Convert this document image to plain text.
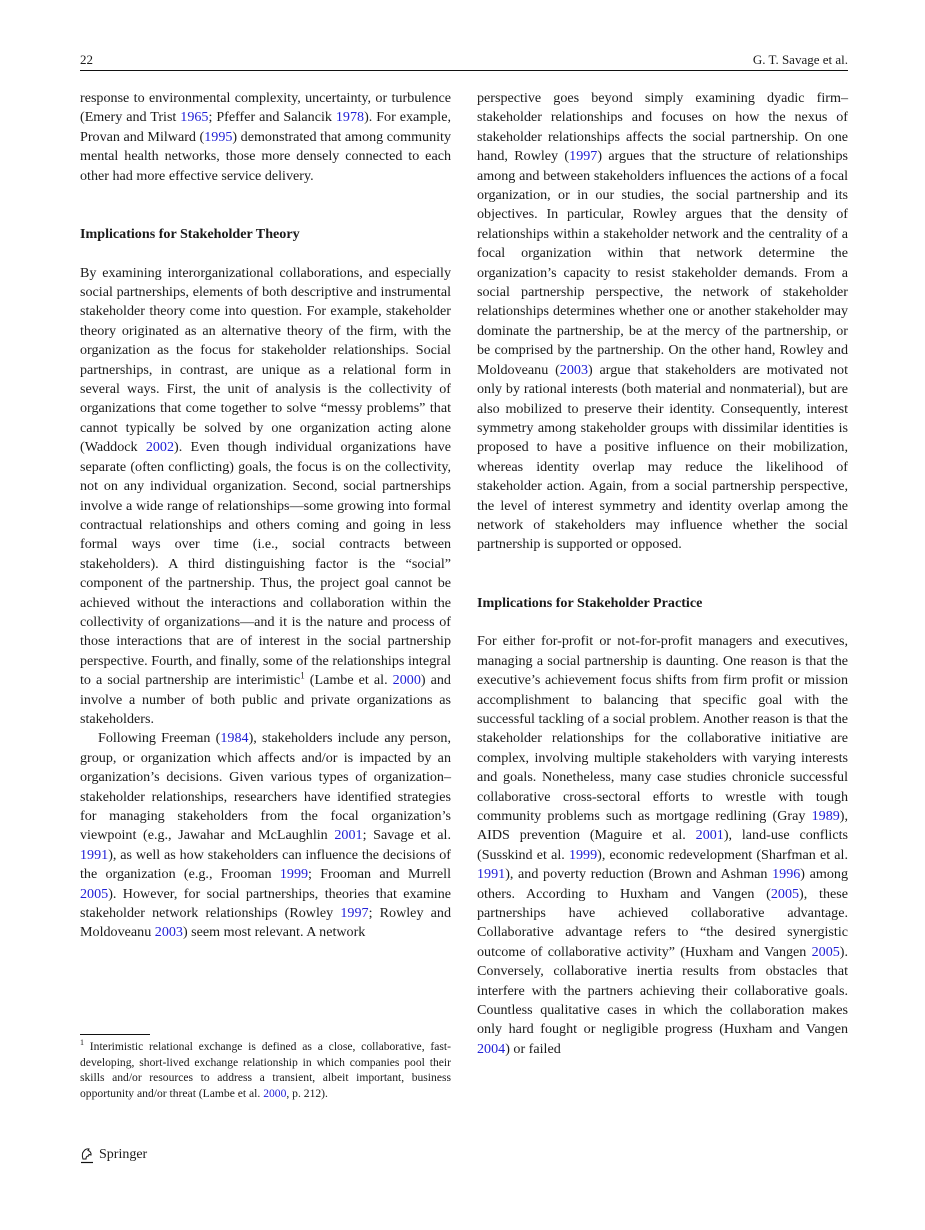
22	G. T. Savage et al.

response to environmental complexity, uncertainty, or turbulence (Emery and Trist 1965; Pfeffer and Salancik 1978). For example, Provan and Milward (1995) demonstrated that among community mental health networks, those more densely connected to each other had more effective service delivery.

Implications for Stakeholder Theory

By examining interorganizational collaborations, and especially social partnerships, elements of both descriptive and instrumental stakeholder theory come into question. For example, stakeholder theory originated as an alternative theory of the firm, with the organization as the focus for stakeholder relationships. Social partnerships, in contrast, are unique as a relational form in several ways. First, the unit of analysis is the collectivity of organizations that come together to solve “messy problems” that cannot typically be solved by one organization acting alone (Waddock 2002). Even though individual organizations have separate (often conflicting) goals, the focus is on the collectivity, not on any individual organization. Second, social partnerships involve a wide range of relationships—some growing into formal contractual relationships and others coming and going in less formal ways over time (i.e., social contracts between stakeholders). A third distinguishing factor is the “social” component of the partnership. Thus, the project goal cannot be achieved without the interactions and collaboration within the collectivity of organizations—and it is the nature and process of those interactions that are of interest in the social partnership perspective. Fourth, and finally, some of the relationships integral to a social partnership are interimistic$^1$ (Lambe et al. 2000) and involve a number of both public and private organizations as stakeholders.

Following Freeman (1984), stakeholders include any person, group, or organization which affects and/or is impacted by an organization’s decisions. Given various types of organization–stakeholder relationships, researchers have identified strategies for managing stakeholders from the focal organization’s viewpoint (e.g., Jawahar and McLaughlin 2001; Savage et al. 1991), as well as how stakeholders can influence the decisions of the organization (e.g., Frooman 1999; Frooman and Murrell 2005). However, for social partnerships, theories that examine stakeholder network relationships (Rowley 1997; Rowley and Moldoveanu 2003) seem most relevant. A network

$^1$ Interimistic relational exchange is defined as a close, collaborative, fast-developing, short-lived exchange relationship in which companies pool their skills and/or resources to address a transient, albeit important, business opportunity and/or threat (Lambe et al. 2000, p. 212).

perspective goes beyond simply examining dyadic firm–stakeholder relationships and focuses on how the nexus of stakeholder relationships affects the social partnership. On one hand, Rowley (1997) argues that the structure of relationships among and between stakeholders influences the actions of a focal organization, or in our studies, the social partnership and its objectives. In particular, Rowley argues that the density of relationships within a stakeholder network and the centrality of a focal organization within that network determine the organization’s capacity to resist stakeholder demands. From a social partnership perspective, the network of stakeholder relationships determines whether one or another stakeholder may dominate the partnership, be at the mercy of the partnership, or be comprised by the partnership. On the other hand, Rowley and Moldoveanu (2003) argue that stakeholders are motivated not only by rational interests (both material and nonmaterial), but are also mobilized to preserve their identity. Consequently, interest symmetry among stakeholder groups with dissimilar identities is proposed to have a positive influence on their mobilization, whereas identity overlap may reduce the likelihood of stakeholder action. Again, from a social partnership perspective, the level of interest symmetry and identity overlap among the network of stakeholders may influence whether the social partnership is supported or opposed.

Implications for Stakeholder Practice

For either for-profit or not-for-profit managers and executives, managing a social partnership is daunting. One reason is that the executive’s achievement focus shifts from firm profit or mission accomplishment to balancing that specific goal with the successful tackling of a social problem. Another reason is that the stakeholder relationships for the collaborative initiative are complex, involving multiple stakeholders with varying interests and goals. Nonetheless, many case studies chronicle successful collaborative cross-sectoral efforts to wrestle with tough community problems such as mortgage redlining (Gray 1989), AIDS prevention (Maguire et al. 2001), land-use conflicts (Susskind et al. 1999), economic redevelopment (Sharfman et al. 1991), and poverty reduction (Brown and Ashman 1996) among others. According to Huxham and Vangen (2005), these partnerships have achieved collaborative advantage. Collaborative advantage refers to “the desired synergistic outcome of collaborative activity” (Huxham and Vangen 2005). Conversely, collaborative inertia results from obstacles that interfere with the partners achieving their collaborative goals. Countless qualitative cases in which the collaboration makes only hard fought or negligible progress (Huxham and Vangen 2004) or failed

Springer
